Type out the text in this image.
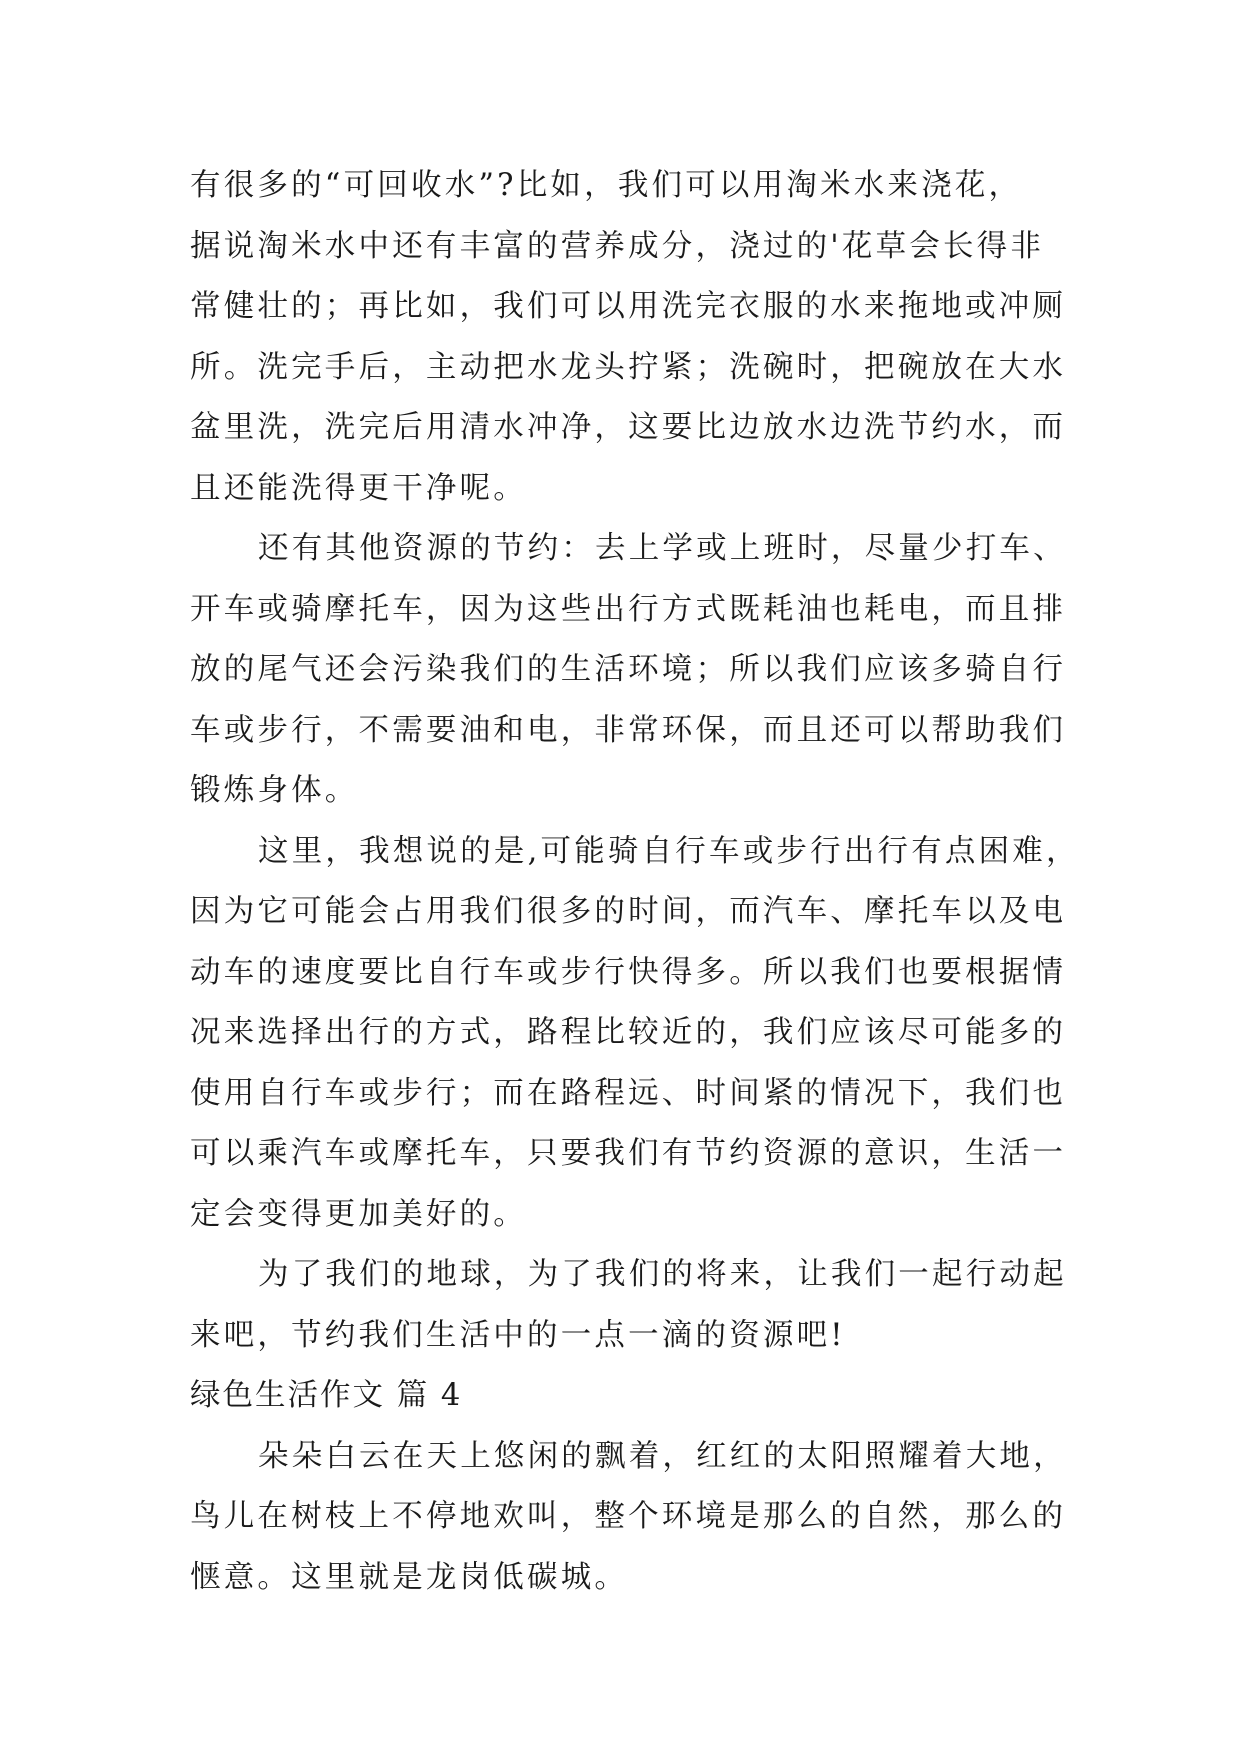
有很多的“可回收水”?比如，我们可以用淘米水来浇花，
据说淘米水中还有丰富的营养成分，浇过的'花草会长得非
常健壮的；再比如，我们可以用洗完衣服的水来拖地或冲厕
所。洗完手后，主动把水龙头拧紧；洗碗时，把碗放在大水
盆里洗，洗完后用清水冲净，这要比边放水边洗节约水，而
且还能洗得更干净呢。
还有其他资源的节约：去上学或上班时，尽量少打车、
开车或骑摩托车，因为这些出行方式既耗油也耗电，而且排
放的尾气还会污染我们的生活环境；所以我们应该多骑自行
车或步行，不需要油和电，非常环保，而且还可以帮助我们
锻炼身体。
这里，我想说的是,可能骑自行车或步行出行有点困难，
因为它可能会占用我们很多的时间，而汽车、摩托车以及电
动车的速度要比自行车或步行快得多。所以我们也要根据情
况来选择出行的方式，路程比较近的，我们应该尽可能多的
使用自行车或步行；而在路程远、时间紧的情况下，我们也
可以乘汽车或摩托车，只要我们有节约资源的意识，生活一
定会变得更加美好的。
为了我们的地球，为了我们的将来，让我们一起行动起
来吧，节约我们生活中的一点一滴的资源吧!
绿色生活作文 篇 4
朵朵白云在天上悠闲的飘着，红红的太阳照耀着大地，
鸟儿在树枝上不停地欢叫，整个环境是那么的自然，那么的
惬意。这里就是龙岗低碳城。
